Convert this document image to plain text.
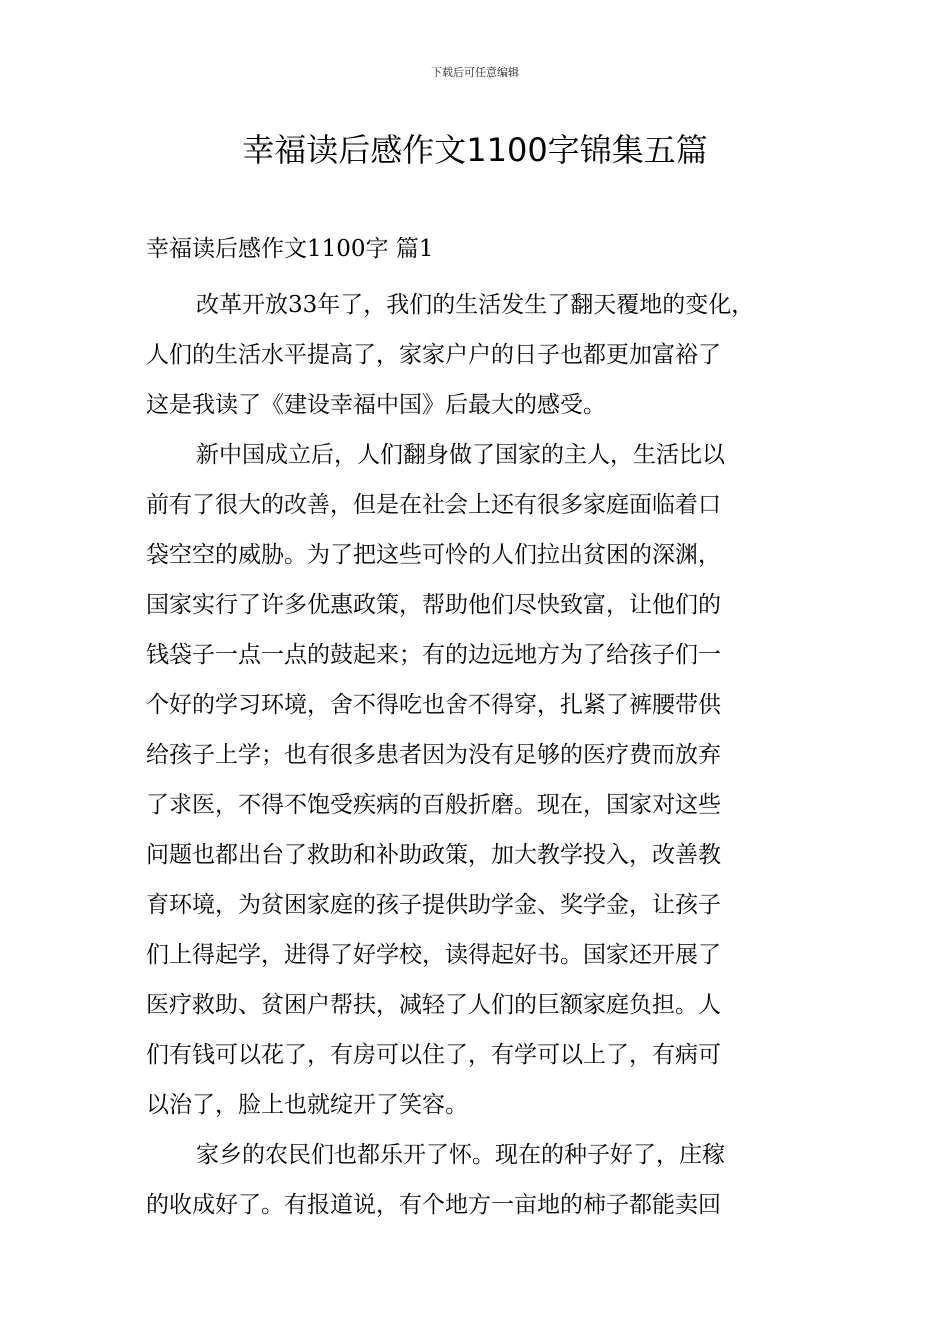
下载后可任意编辑
幸福读后感作文1100字锦集五篇
幸福读后感作文1100字 篇1
改革开放33年了，我们的生活发生了翻天覆地的变化，
人们的生活水平提高了，家家户户的日子也都更加富裕了
这是我读了《建设幸福中国》后最大的感受。
新中国成立后，人们翻身做了国家的主人，生活比以
前有了很大的改善，但是在社会上还有很多家庭面临着口
袋空空的威胁。为了把这些可怜的人们拉出贫困的深渊，
国家实行了许多优惠政策，帮助他们尽快致富，让他们的
钱袋子一点一点的鼓起来；有的边远地方为了给孩子们一
个好的学习环境，舍不得吃也舍不得穿，扎紧了裤腰带供
给孩子上学；也有很多患者因为没有足够的医疗费而放弃
了求医，不得不饱受疾病的百般折磨。现在，国家对这些
问题也都出台了救助和补助政策，加大教学投入，改善教
育环境，为贫困家庭的孩子提供助学金、奖学金，让孩子
们上得起学，进得了好学校，读得起好书。国家还开展了
医疗救助、贫困户帮扶，减轻了人们的巨额家庭负担。人
们有钱可以花了，有房可以住了，有学可以上了，有病可
以治了，脸上也就绽开了笑容。
家乡的农民们也都乐开了怀。现在的种子好了，庄稼
的收成好了。有报道说，有个地方一亩地的柿子都能卖回
